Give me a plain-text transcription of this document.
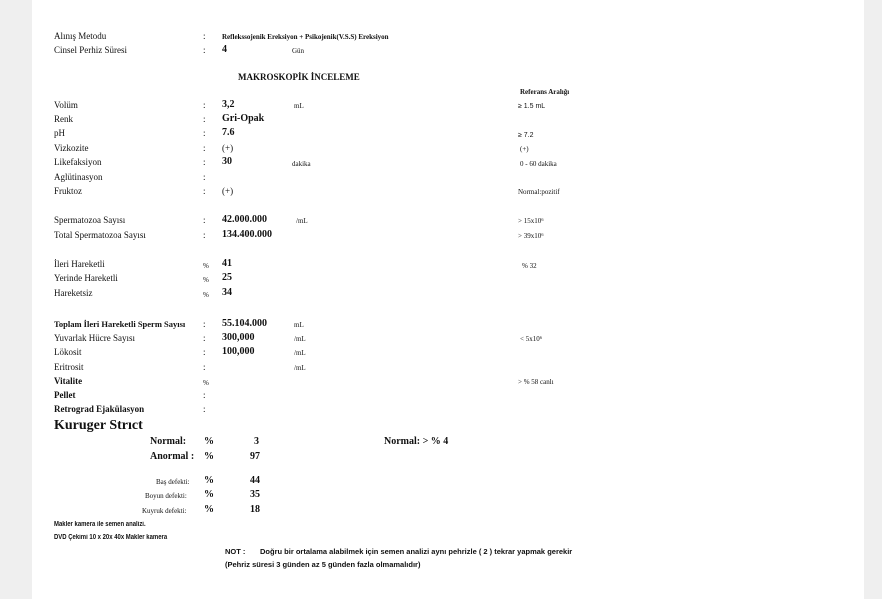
Alınış Metodu	: Reflekssojenik Ereksiyon + Psikojenik(V.S.S) Ereksiyon
Cinsel Perhiz Süresi	: 4	Gün
MAKROSKOPİK İNCELEME
Referans Aralığı
Volüm	: 3,2	mL	≥ 1.5 mL
Renk	: Gri-Opak
pH	: 7.6	≥ 7.2
Vizkozite	: (+)	(+)
Likefaksiyon	: 30	dakika	0 - 60 dakika
Aglütinasyon	:
Fruktoz	: (+)	Normal:pozitif
Spermatozoa Sayısı	: 42.000.000	/mL	> 15x10⁶
Total Spermatozoa Sayısı	: 134.400.000	> 39x10⁶
İleri Hareketli	% 41	% 32
Yerinde Hareketli	% 25
Hareketsiz	% 34
Toplam İleri Hareketli Sperm Sayısı : 55.104.000	mL
Yuvarlak Hücre Sayısı	: 300,000	/mL	< 5x10⁶
Lökosit	: 100,000	/mL
Eritrosit	:	/mL
Vitalite	%	> % 58 canlı
Pellet	:
Retrograd Ejakülasyon	:
Kuruger Strıct
Normal: %	3	Normal: > % 4
Anormal : %	97
Baş defekti: %	44
Boyun defekti: %	35
Kuyruk defekti: %	18
Makler kamera ile semen analizi.
DVD Çekimi 10 x 20x 40x Makler kamera
NOT : Doğru bir ortalama alabilmek için semen analizi aynı pehrizle ( 2 ) tekrar yapmak gerekir
(Pehriz süresi 3 günden az 5 günden fazla olmamalıdır)
